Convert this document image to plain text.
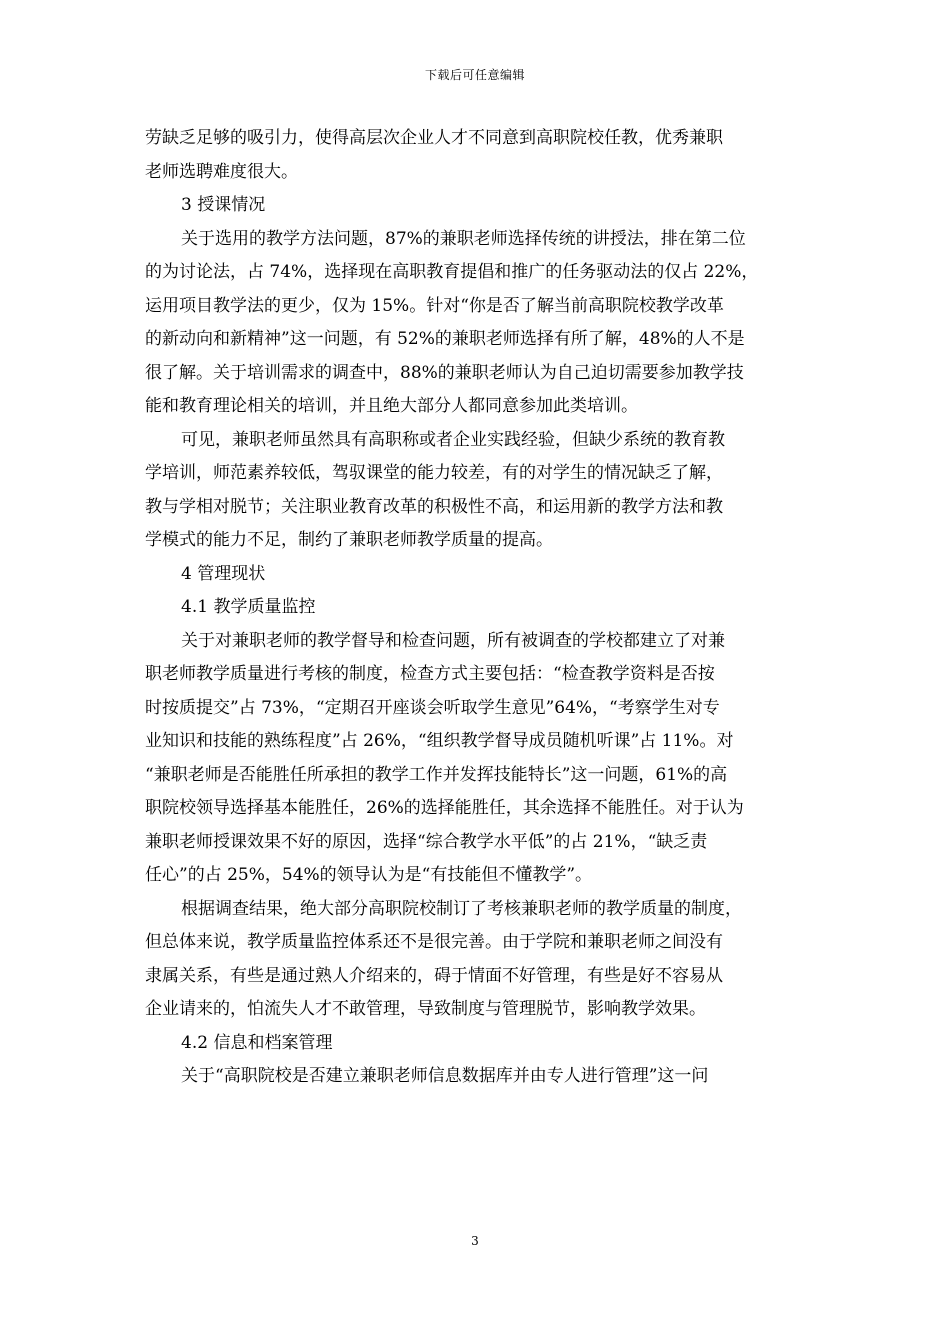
下载后可任意编辑
劳缺乏足够的吸引力，使得高层次企业人才不同意到高职院校任教，优秀兼职
老师选聘难度很大。
3 授课情况
关于选用的教学方法问题，87%的兼职老师选择传统的讲授法，排在第二位
的为讨论法，占 74%，选择现在高职教育提倡和推广的任务驱动法的仅占 22%，
运用项目教学法的更少，仅为 15%。针对“你是否了解当前高职院校教学改革
的新动向和新精神”这一问题，有 52%的兼职老师选择有所了解，48%的人不是
很了解。关于培训需求的调查中，88%的兼职老师认为自己迫切需要参加教学技
能和教育理论相关的培训，并且绝大部分人都同意参加此类培训。
可见，兼职老师虽然具有高职称或者企业实践经验，但缺少系统的教育教
学培训，师范素养较低，驾驭课堂的能力较差，有的对学生的情况缺乏了解，
教与学相对脱节；关注职业教育改革的积极性不高，和运用新的教学方法和教
学模式的能力不足，制约了兼职老师教学质量的提高。
4 管理现状
4.1 教学质量监控
关于对兼职老师的教学督导和检查问题，所有被调查的学校都建立了对兼
职老师教学质量进行考核的制度，检查方式主要包括：“检查教学资料是否按
时按质提交”占 73%，“定期召开座谈会听取学生意见”64%，“考察学生对专
业知识和技能的熟练程度”占 26%，“组织教学督导成员随机听课”占 11%。对
“兼职老师是否能胜任所承担的教学工作并发挥技能特长”这一问题，61%的高
职院校领导选择基本能胜任，26%的选择能胜任，其余选择不能胜任。对于认为
兼职老师授课效果不好的原因，选择“综合教学水平低”的占 21%，“缺乏责
任心”的占 25%，54%的领导认为是“有技能但不懂教学”。
根据调查结果，绝大部分高职院校制订了考核兼职老师的教学质量的制度，
但总体来说，教学质量监控体系还不是很完善。由于学院和兼职老师之间没有
隶属关系，有些是通过熟人介绍来的，碍于情面不好管理，有些是好不容易从
企业请来的，怕流失人才不敢管理，导致制度与管理脱节，影响教学效果。
4.2 信息和档案管理
关于“高职院校是否建立兼职老师信息数据库并由专人进行管理”这一问
3
